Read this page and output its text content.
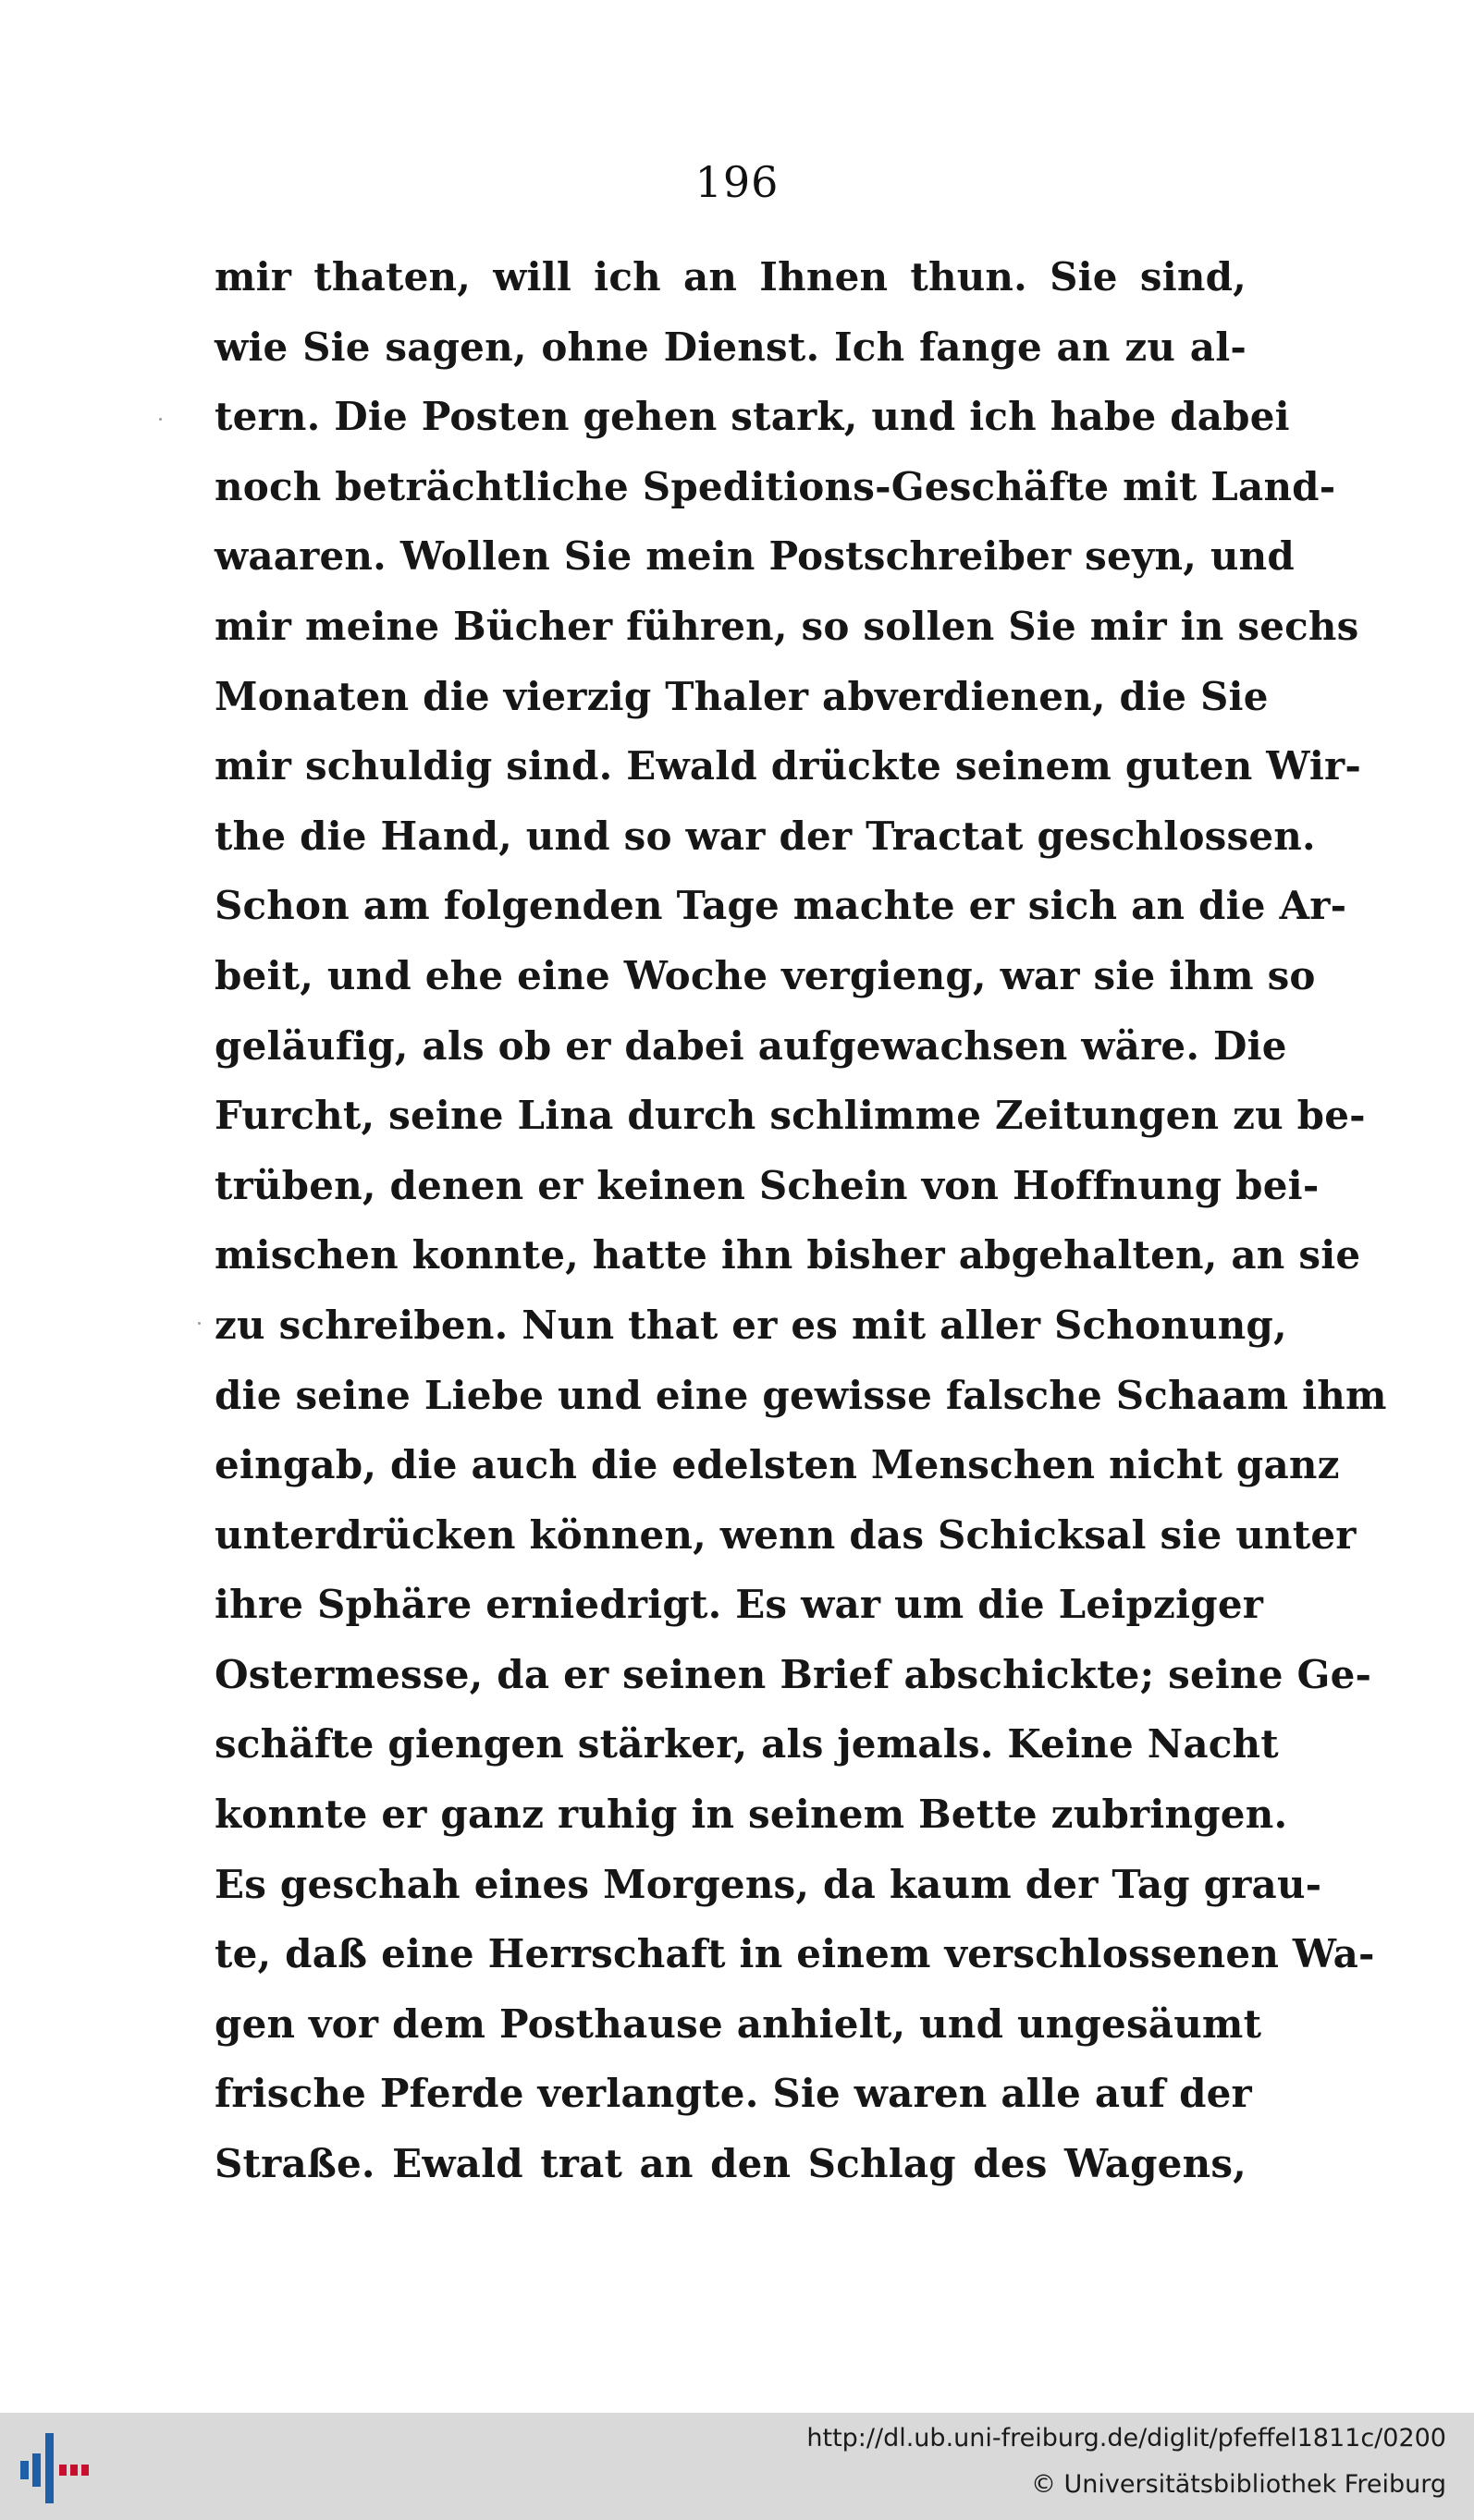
196
mir thaten, will ich an Ihnen thun. Sie sind,
wie Sie sagen, ohne Dienst. Ich fange an zu al-
tern. Die Posten gehen stark, und ich habe dabei
noch beträchtliche Speditions-Geschäfte mit Land-
waaren. Wollen Sie mein Postschreiber seyn, und
mir meine Bücher führen, so sollen Sie mir in sechs
Monaten die vierzig Thaler abverdienen, die Sie
mir schuldig sind. Ewald drückte seinem guten Wir-
the die Hand, und so war der Tractat geschlossen.
Schon am folgenden Tage machte er sich an die Ar-
beit, und ehe eine Woche vergieng, war sie ihm so
geläufig, als ob er dabei aufgewachsen wäre. Die
Furcht, seine Lina durch schlimme Zeitungen zu be-
trüben, denen er keinen Schein von Hoffnung bei-
mischen konnte, hatte ihn bisher abgehalten, an sie
zu schreiben. Nun that er es mit aller Schonung,
die seine Liebe und eine gewisse falsche Schaam ihm
eingab, die auch die edelsten Menschen nicht ganz
unterdrücken können, wenn das Schicksal sie unter
ihre Sphäre erniedrigt. Es war um die Leipziger
Ostermesse, da er seinen Brief abschickte; seine Ge-
schäfte giengen stärker, als jemals. Keine Nacht
konnte er ganz ruhig in seinem Bette zubringen.
Es geschah eines Morgens, da kaum der Tag grau-
te, daß eine Herrschaft in einem verschlossenen Wa-
gen vor dem Posthause anhielt, und ungesäumt
frische Pferde verlangte. Sie waren alle auf der
Straße. Ewald trat an den Schlag des Wagens,
http://dl.ub.uni-freiburg.de/diglit/pfeffel1811c/0200
© Universitätsbibliothek Freiburg
